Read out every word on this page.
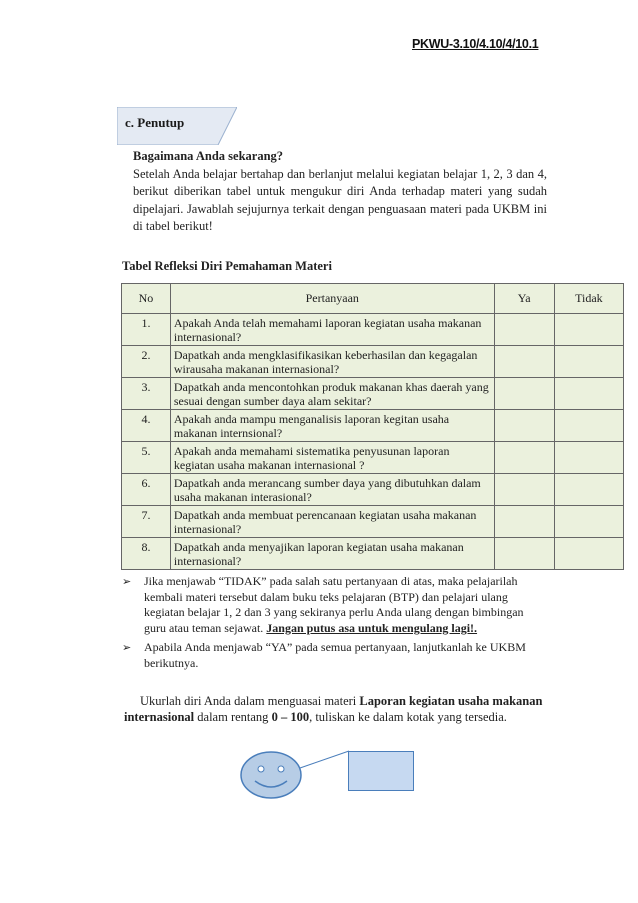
PKWU-3.10/4.10/4/10.1
c. Penutup
Bagaimana Anda sekarang?
Setelah Anda belajar bertahap dan berlanjut melalui kegiatan belajar 1, 2, 3 dan 4, berikut diberikan tabel untuk mengukur diri Anda terhadap materi yang sudah dipelajari. Jawablah sejujurnya terkait dengan penguasaan materi pada UKBM ini di tabel berikut!
Tabel Refleksi Diri Pemahaman Materi
No	Pertanyaan	Ya	Tidak
1.	Apakah Anda telah memahami laporan kegiatan usaha makanan internasional?		
2.	Dapatkah anda mengklasifikasikan keberhasilan dan kegagalan wirausaha makanan internasional?		
3.	Dapatkah anda mencontohkan produk makanan khas daerah yang sesuai dengan sumber daya alam sekitar?		
4.	Apakah anda mampu menganalisis laporan kegitan usaha makanan internsional?		
5.	Apakah anda memahami sistematika penyusunan laporan kegiatan usaha makanan internasional ?		
6.	Dapatkah anda merancang sumber daya yang dibutuhkan dalam usaha makanan interasional?		
7.	Dapatkah anda membuat perencanaan kegiatan usaha makanan internasional?		
8.	Dapatkah anda menyajikan laporan kegiatan usaha makanan internasional?		
➢ Jika menjawab “TIDAK” pada salah satu pertanyaan di atas, maka pelajarilah kembali materi tersebut dalam buku teks pelajaran (BTP) dan pelajari ulang kegiatan belajar 1, 2 dan 3 yang sekiranya perlu Anda ulang dengan bimbingan guru atau teman sejawat. Jangan putus asa untuk mengulang lagi!.
➢ Apabila Anda menjawab “YA” pada semua pertanyaan, lanjutkanlah ke UKBM berikutnya.
Ukurlah diri Anda dalam menguasai materi Laporan kegiatan usaha makanan internasional dalam rentang 0 – 100, tuliskan ke dalam kotak yang tersedia.
